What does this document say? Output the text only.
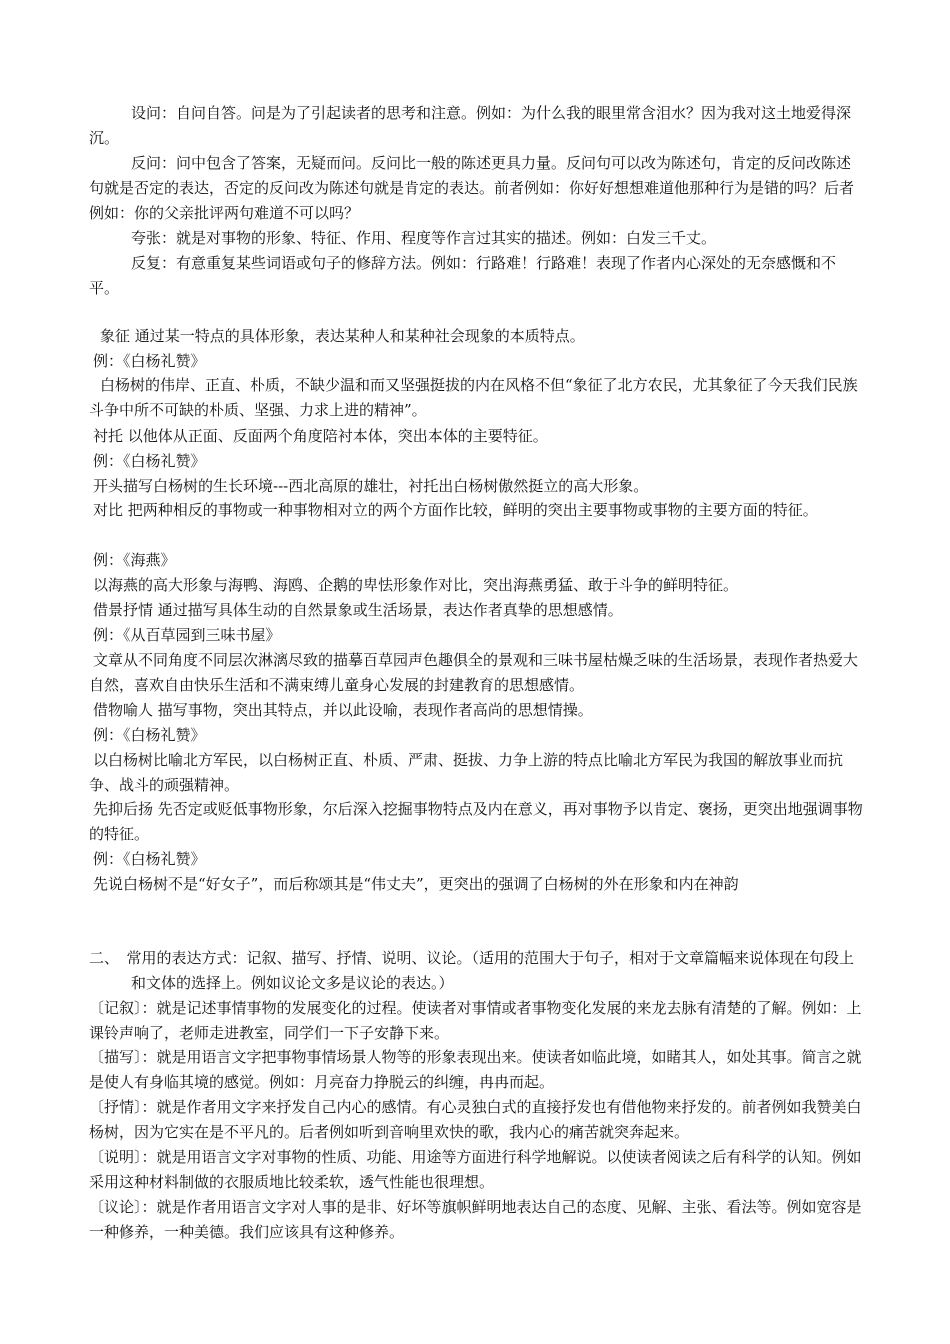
设问：自问自答。问是为了引起读者的思考和注意。例如：为什么我的眼里常含泪水？因为我对这土地爱得深沉。

反问：问中包含了答案，无疑而问。反问比一般的陈述更具力量。反问句可以改为陈述句，肯定的反问改陈述句就是否定的表达，否定的反问改为陈述句就是肯定的表达。前者例如：你好好想想难道他那种行为是错的吗？后者例如：你的父亲批评两句难道不可以吗？

夸张：就是对事物的形象、特征、作用、程度等作言过其实的描述。例如：白发三千丈。

反复：有意重复某些词语或句子的修辞方法。例如：行路难！行路难！表现了作者内心深处的无奈感慨和不平。

象征 通过某一特点的具体形象，表达某种人和某种社会现象的本质特点。

例：《白杨礼赞》

白杨树的伟岸、正直、朴质，不缺少温和而又坚强挺拔的内在风格不但“象征了北方农民，尤其象征了今天我们民族斗争中所不可缺的朴质、坚强、力求上进的精神”。

衬托 以他体从正面、反面两个角度陪衬本体，突出本体的主要特征。

例：《白杨礼赞》

开头描写白杨树的生长环境---西北高原的雄壮，衬托出白杨树傲然挺立的高大形象。

对比 把两种相反的事物或一种事物相对立的两个方面作比较，鲜明的突出主要事物或事物的主要方面的特征。

例：《海燕》

以海燕的高大形象与海鸭、海鸥、企鹅的卑怯形象作对比，突出海燕勇猛、敢于斗争的鲜明特征。

借景抒情 通过描写具体生动的自然景象或生活场景，表达作者真挚的思想感情。

例：《从百草园到三味书屋》

文章从不同角度不同层次淋漓尽致的描摹百草园声色趣俱全的景观和三味书屋枯燥乏味的生活场景，表现作者热爱大自然，喜欢自由快乐生活和不满束缚儿童身心发展的封建教育的思想感情。

借物喻人 描写事物，突出其特点，并以此设喻，表现作者高尚的思想情操。

例：《白杨礼赞》

以白杨树比喻北方军民，以白杨树正直、朴质、严肃、挺拔、力争上游的特点比喻北方军民为我国的解放事业而抗争、战斗的顽强精神。

先抑后扬 先否定或贬低事物形象，尔后深入挖掘事物特点及内在意义，再对事物予以肯定、褒扬，更突出地强调事物的特征。

例：《白杨礼赞》

先说白杨树不是“好女子”，而后称颂其是“伟丈夫”，更突出的强调了白杨树的外在形象和内在神韵

二、　常用的表达方式：记叙、描写、抒情、说明、议论。（适用的范围大于句子，相对于文章篇幅来说体现在句段上和文体的选择上。例如议论文多是议论的表达。）

〔记叙〕：就是记述事情事物的发展变化的过程。使读者对事情或者事物变化发展的来龙去脉有清楚的了解。例如：上课铃声响了，老师走进教室，同学们一下子安静下来。

〔描写〕：就是用语言文字把事物事情场景人物等的形象表现出来。使读者如临此境，如睹其人，如处其事。简言之就是使人有身临其境的感觉。例如：月亮奋力挣脱云的纠缠，冉冉而起。

〔抒情〕：就是作者用文字来抒发自己内心的感情。有心灵独白式的直接抒发也有借他物来抒发的。前者例如我赞美白杨树，因为它实在是不平凡的。后者例如听到音响里欢快的歌，我内心的痛苦就突奔起来。

〔说明〕：就是用语言文字对事物的性质、功能、用途等方面进行科学地解说。以使读者阅读之后有科学的认知。例如采用这种材料制做的衣服质地比较柔软，透气性能也很理想。

〔议论〕：就是作者用语言文字对人事的是非、好坏等旗帜鲜明地表达自己的态度、见解、主张、看法等。例如宽容是一种修养，一种美德。我们应该具有这种修养。
